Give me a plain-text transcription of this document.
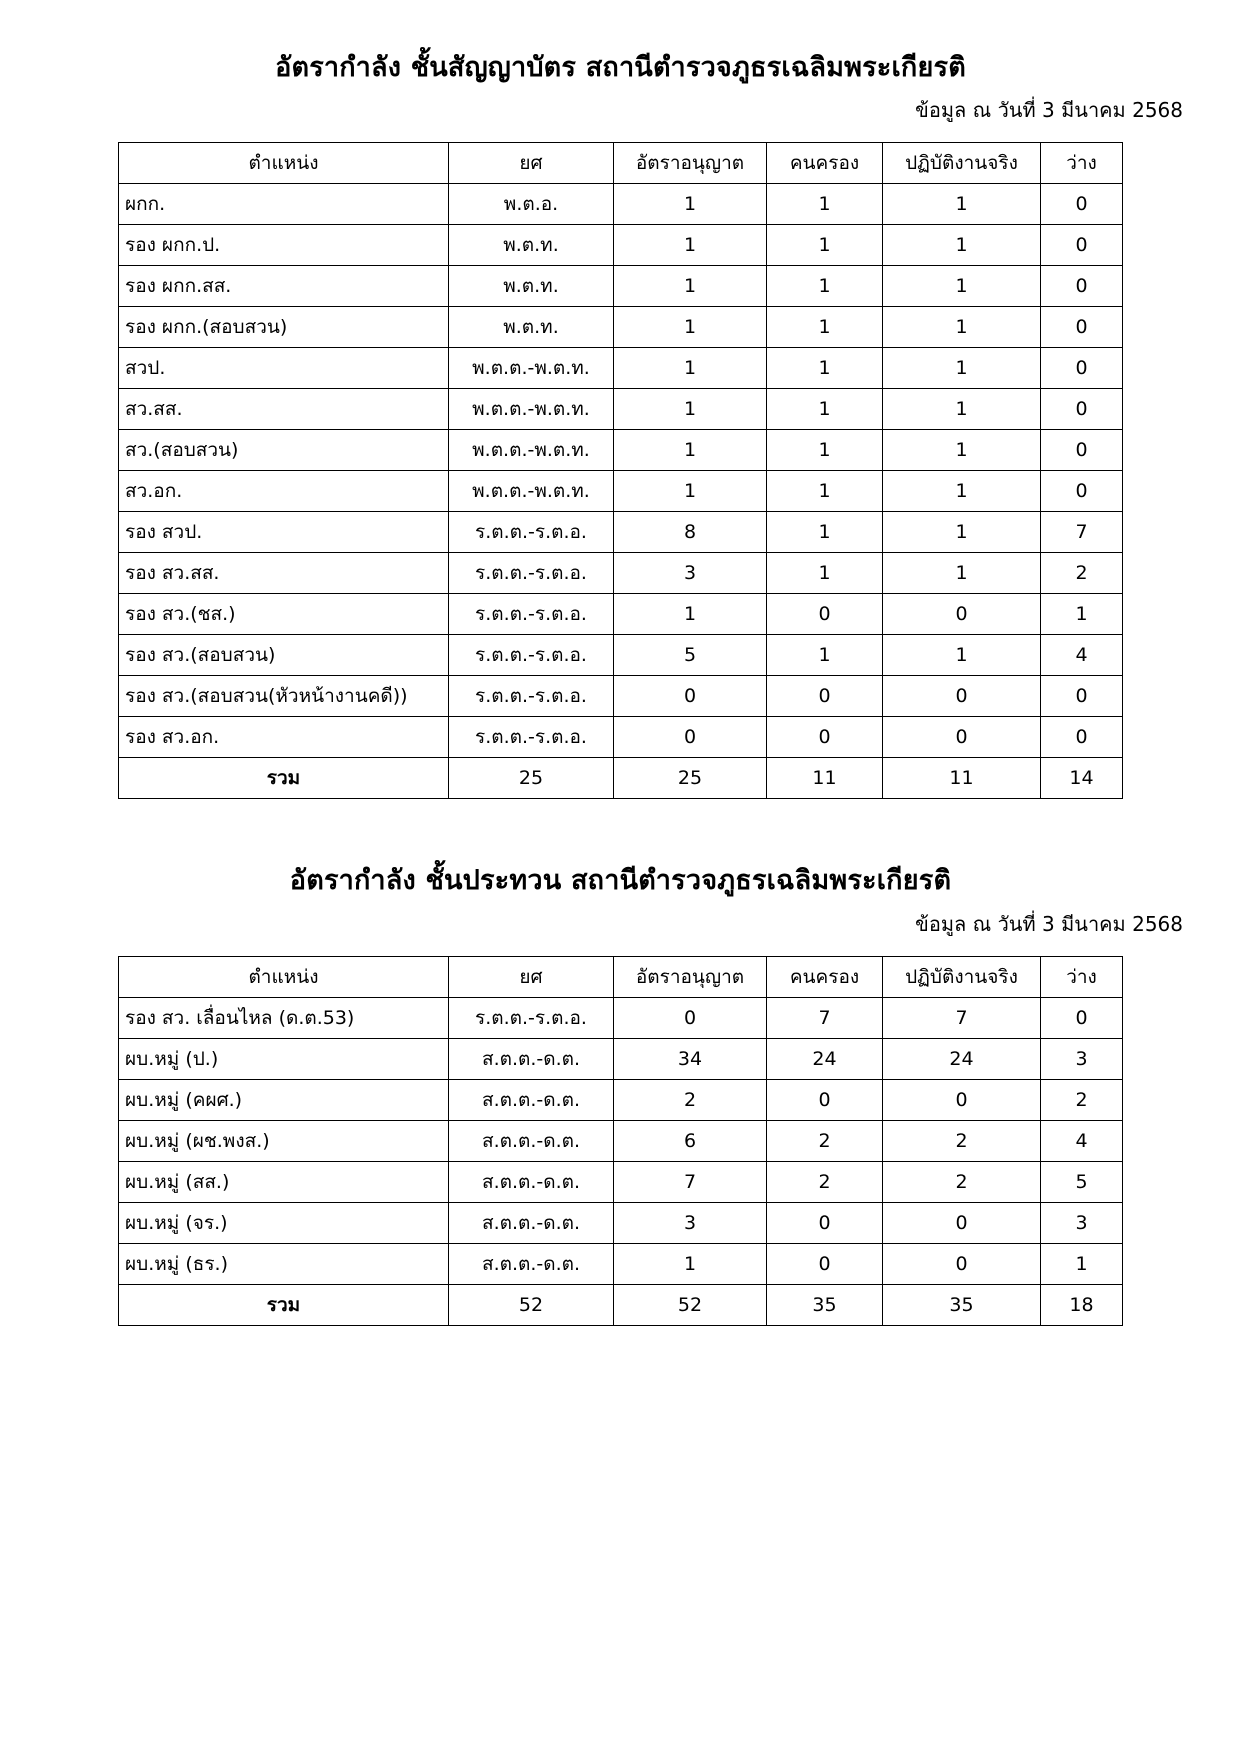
อัตรากำลัง ชั้นสัญญาบัตร สถานีตำรวจภูธรเฉลิมพระเกียรติ
ข้อมูล ณ วันที่ 3 มีนาคม 2568
ตำแหน่ง	ยศ	อัตราอนุญาต	คนครอง	ปฏิบัติงานจริง	ว่าง
ผกก.	พ.ต.อ.	1	1	1	0
รอง ผกก.ป.	พ.ต.ท.	1	1	1	0
รอง ผกก.สส.	พ.ต.ท.	1	1	1	0
รอง ผกก.(สอบสวน)	พ.ต.ท.	1	1	1	0
สวป.	พ.ต.ต.-พ.ต.ท.	1	1	1	0
สว.สส.	พ.ต.ต.-พ.ต.ท.	1	1	1	0
สว.(สอบสวน)	พ.ต.ต.-พ.ต.ท.	1	1	1	0
สว.อก.	พ.ต.ต.-พ.ต.ท.	1	1	1	0
รอง สวป.	ร.ต.ต.-ร.ต.อ.	8	1	1	7
รอง สว.สส.	ร.ต.ต.-ร.ต.อ.	3	1	1	2
รอง สว.(ชส.)	ร.ต.ต.-ร.ต.อ.	1	0	0	1
รอง สว.(สอบสวน)	ร.ต.ต.-ร.ต.อ.	5	1	1	4
รอง สว.(สอบสวน(หัวหน้างานคดี))	ร.ต.ต.-ร.ต.อ.	0	0	0	0
รอง สว.อก.	ร.ต.ต.-ร.ต.อ.	0	0	0	0
รวม	25	25	11	11	14
อัตรากำลัง ชั้นประทวน สถานีตำรวจภูธรเฉลิมพระเกียรติ
ข้อมูล ณ วันที่ 3 มีนาคม 2568
ตำแหน่ง	ยศ	อัตราอนุญาต	คนครอง	ปฏิบัติงานจริง	ว่าง
รอง สว. เลื่อนไหล (ด.ต.53)	ร.ต.ต.-ร.ต.อ.	0	7	7	0
ผบ.หมู่ (ป.)	ส.ต.ต.-ด.ต.	34	24	24	3
ผบ.หมู่ (คผศ.)	ส.ต.ต.-ด.ต.	2	0	0	2
ผบ.หมู่ (ผช.พงส.)	ส.ต.ต.-ด.ต.	6	2	2	4
ผบ.หมู่ (สส.)	ส.ต.ต.-ด.ต.	7	2	2	5
ผบ.หมู่ (จร.)	ส.ต.ต.-ด.ต.	3	0	0	3
ผบ.หมู่ (ธร.)	ส.ต.ต.-ด.ต.	1	0	0	1
รวม	52	52	35	35	18
